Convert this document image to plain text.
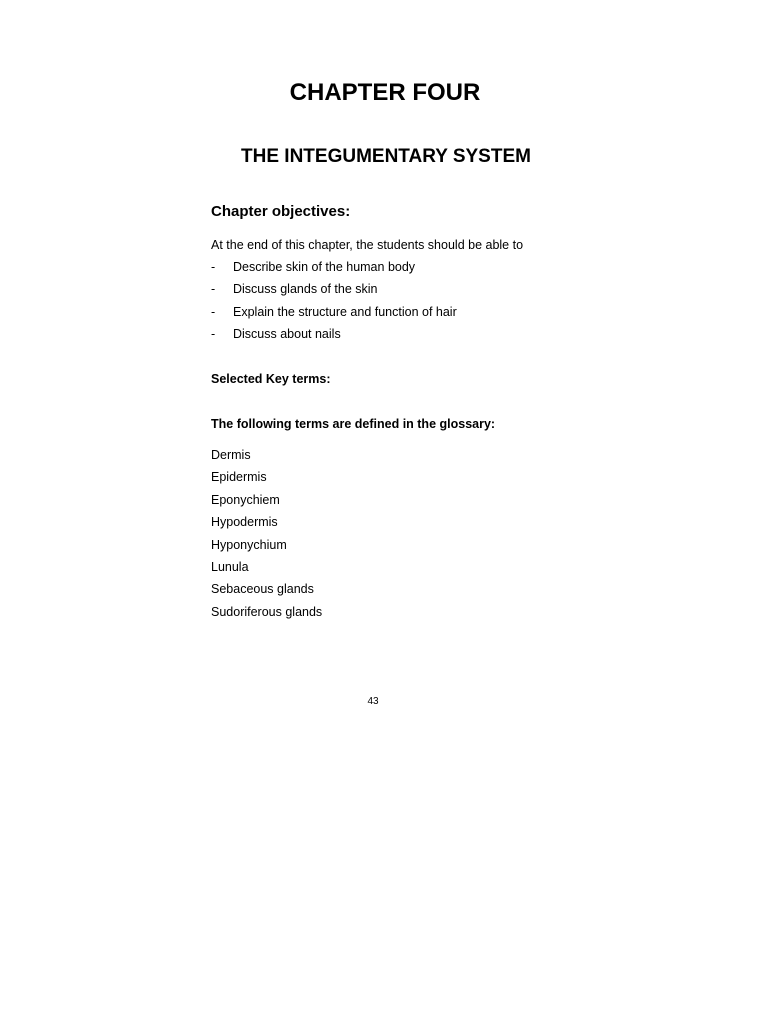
CHAPTER FOUR
THE INTEGUMENTARY SYSTEM
Chapter objectives:

At the end of this chapter, the students should be able to

-	Describe skin of the human body
-	Discuss glands of the skin
-	Explain the structure and function of hair
-	Discuss about nails

Selected Key terms:

The following terms are defined in the glossary:

Dermis
Epidermis
Eponychiem
Hypodermis
Hyponychium
Lunula
Sebaceous glands
Sudoriferous glands

43
